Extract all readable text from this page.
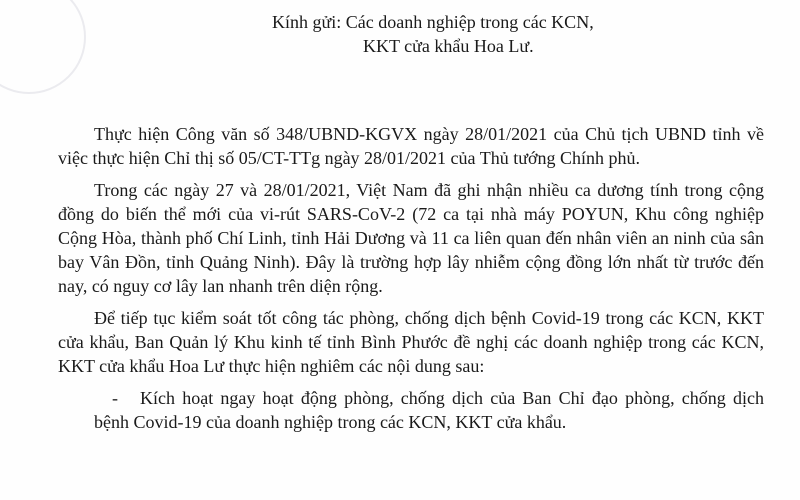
Kính gửi: Các doanh nghiệp trong các KCN,
KKT cửa khẩu Hoa Lư.

Thực hiện Công văn số 348/UBND-KGVX ngày 28/01/2021 của Chủ tịch UBND tỉnh về việc thực hiện Chỉ thị số 05/CT-TTg ngày 28/01/2021 của Thủ tướng Chính phủ.

Trong các ngày 27 và 28/01/2021, Việt Nam đã ghi nhận nhiều ca dương tính trong cộng đồng do biến thể mới của vi-rút SARS-CoV-2 (72 ca tại nhà máy POYUN, Khu công nghiệp Cộng Hòa, thành phố Chí Linh, tỉnh Hải Dương và 11 ca liên quan đến nhân viên an ninh của sân bay Vân Đồn, tỉnh Quảng Ninh). Đây là trường hợp lây nhiễm cộng đồng lớn nhất từ trước đến nay, có nguy cơ lây lan nhanh trên diện rộng.

Để tiếp tục kiểm soát tốt công tác phòng, chống dịch bệnh Covid-19 trong các KCN, KKT cửa khẩu, Ban Quản lý Khu kinh tế tỉnh Bình Phước đề nghị các doanh nghiệp trong các KCN, KKT cửa khẩu Hoa Lư thực hiện nghiêm các nội dung sau:

- Kích hoạt ngay hoạt động phòng, chống dịch của Ban Chỉ đạo phòng, chống dịch bệnh Covid-19 của doanh nghiệp trong các KCN, KKT cửa khẩu.
